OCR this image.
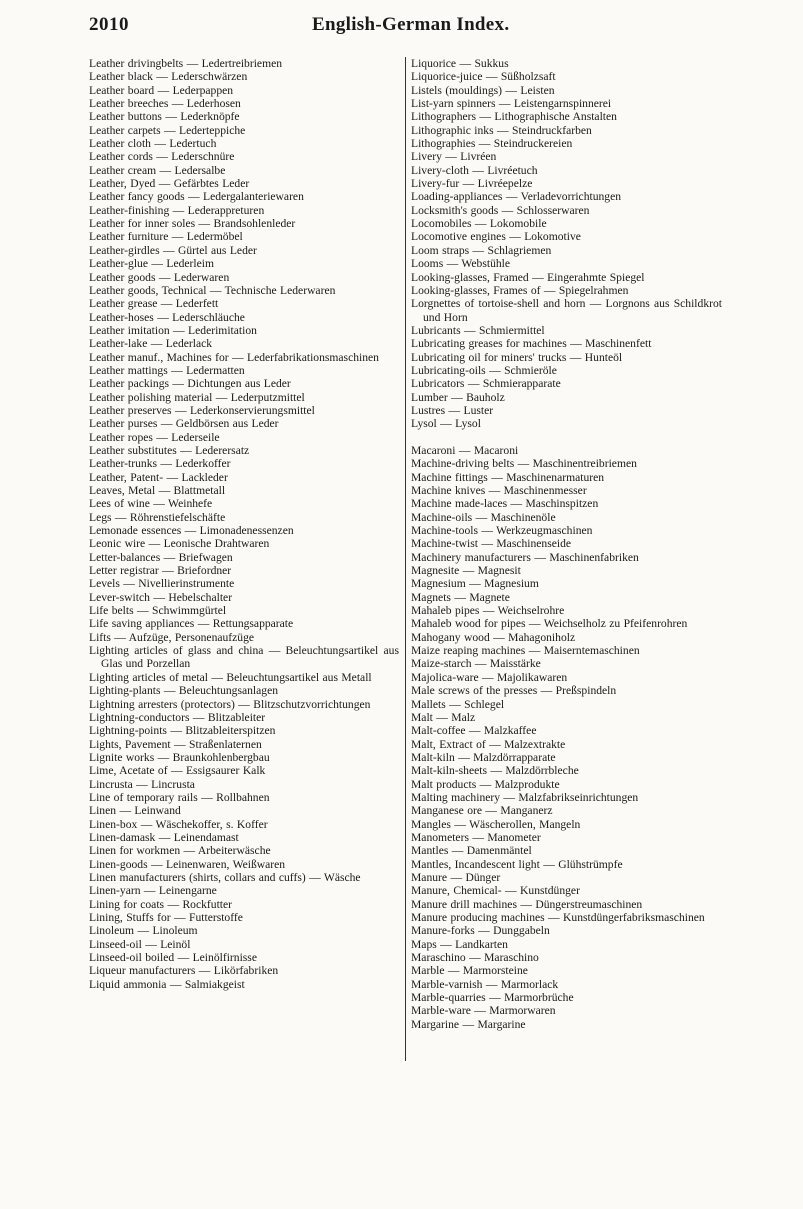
2010	English-German Index.
Leather drivingbelts — Ledertreibriemen
Leather black — Lederschwärzen
Leather board — Lederpappen
Leather breeches — Lederhosen
Leather buttons — Lederknöpfe
Leather carpets — Lederteppiche
Leather cloth — Ledertuch
Leather cords — Lederschnüre
Leather cream — Ledersalbe
Leather, Dyed — Gefärbtes Leder
Leather fancy goods — Ledergalanteriewaren
Leather-finishing — Lederappreturen
Leather for inner soles — Brandsohlenleder
Leather furniture — Ledermöbel
Leather-girdles — Gürtel aus Leder
Leather-glue — Lederleim
Leather goods — Lederwaren
Leather goods, Technical — Technische Lederwaren
Leather grease — Lederfett
Leather-hoses — Lederschläuche
Leather imitation — Lederimitation
Leather-lake — Lederlack
Leather manuf., Machines for — Lederfabrikationsmaschinen
Leather mattings — Ledermatten
Leather packings — Dichtungen aus Leder
Leather polishing material — Lederputzmittel
Leather preserves — Lederkonservierungsmittel
Leather purses — Geldbörsen aus Leder
Leather ropes — Lederseile
Leather substitutes — Lederersatz
Leather-trunks — Lederkoffer
Leather, Patent- — Lackleder
Leaves, Metal — Blattmetall
Lees of wine — Weinhefe
Legs — Röhrenstiefelschäfte
Lemonade essences — Limonadenessenzen
Leonic wire — Leonische Drahtwaren
Letter-balances — Briefwagen
Letter registrar — Briefordner
Levels — Nivellierinstrumente
Lever-switch — Hebelschalter
Life belts — Schwimmgürtel
Life saving appliances — Rettungsapparate
Lifts — Aufzüge, Personenaufzüge
Lighting articles of glass and china — Beleuchtungsartikel aus Glas und Porzellan
Lighting articles of metal — Beleuchtungsartikel aus Metall
Lighting-plants — Beleuchtungsanlagen
Lightning arresters (protectors) — Blitzschutzvorrichtungen
Lightning-conductors — Blitzableiter
Lightning-points — Blitzableiterspitzen
Lights, Pavement — Straßenlaternen
Lignite works — Braunkohlenbergbau
Lime, Acetate of — Essigsaurer Kalk
Lincrusta — Lincrusta
Line of temporary rails — Rollbahnen
Linen — Leinwand
Linen-box — Wäschekoffer, s. Koffer
Linen-damask — Leinendamast
Linen for workmen — Arbeiterwäsche
Linen-goods — Leinenwaren, Weißwaren
Linen manufacturers (shirts, collars and cuffs) — Wäsche
Linen-yarn — Leinengarne
Lining for coats — Rockfutter
Lining, Stuffs for — Futterstoffe
Linoleum — Linoleum
Linseed-oil — Leinöl
Linseed-oil boiled — Leinölfirnisse
Liqueur manufacturers — Likörfabriken
Liquid ammonia — Salmiakgeist
Liquorice — Sukkus
Liquorice-juice — Süßholzsaft
Listels (mouldings) — Leisten
List-yarn spinners — Leistengarnspinnerei
Lithographers — Lithographische Anstalten
Lithographic inks — Steindruckfarben
Lithographies — Steindruckereien
Livery — Livréen
Livery-cloth — Livréetuch
Livery-fur — Livréepelze
Loading-appliances — Verladevorrichtungen
Locksmith's goods — Schlosserwaren
Locomobiles — Lokomobile
Locomotive engines — Lokomotive
Loom straps — Schlagriemen
Looms — Webstühle
Looking-glasses, Framed — Eingerahmte Spiegel
Looking-glasses, Frames of — Spiegelrahmen
Lorgnettes of tortoise-shell and horn — Lorgnons aus Schildkrot und Horn
Lubricants — Schmiermittel
Lubricating greases for machines — Maschinenfett
Lubricating oil for miners' trucks — Hunteöl
Lubricating-oils — Schmieröle
Lubricators — Schmierapparate
Lumber — Bauholz
Lustres — Luster
Lysol — Lysol
Macaroni — Macaroni
Machine-driving belts — Maschinentreibriemen
Machine fittings — Maschinenarmaturen
Machine knives — Maschinenmesser
Machine made-laces — Maschinspitzen
Machine-oils — Maschinenöle
Machine-tools — Werkzeugmaschinen
Machine-twist — Maschinenseide
Machinery manufacturers — Maschinenfabriken
Magnesite — Magnesit
Magnesium — Magnesium
Magnets — Magnete
Mahaleb pipes — Weichselrohre
Mahaleb wood for pipes — Weichselholz zu Pfeifenrohren
Mahogany wood — Mahagoniholz
Maize reaping machines — Maiserntemaschinen
Maize-starch — Maisstärke
Majolica-ware — Majolikawaren
Male screws of the presses — Preßspindeln
Mallets — Schlegel
Malt — Malz
Malt-coffee — Malzkaffee
Malt, Extract of — Malzextrakte
Malt-kiln — Malzdörrapparate
Malt-kiln-sheets — Malzdörrbleche
Malt products — Malzprodukte
Malting machinery — Malzfabrikseinrichtungen
Manganese ore — Manganerz
Mangles — Wäscherollen, Mangeln
Manometers — Manometer
Mantles — Damenmäntel
Mantles, Incandescent light — Glühstrümpfe
Manure — Dünger
Manure, Chemical- — Kunstdünger
Manure drill machines — Düngerstreumaschinen
Manure producing machines — Kunstdüngerfabriksmaschinen
Manure-forks — Dunggabeln
Maps — Landkarten
Maraschino — Maraschino
Marble — Marmorsteine
Marble-varnish — Marmorlack
Marble-quarries — Marmorbrüche
Marble-ware — Marmorwaren
Margarine — Margarine
